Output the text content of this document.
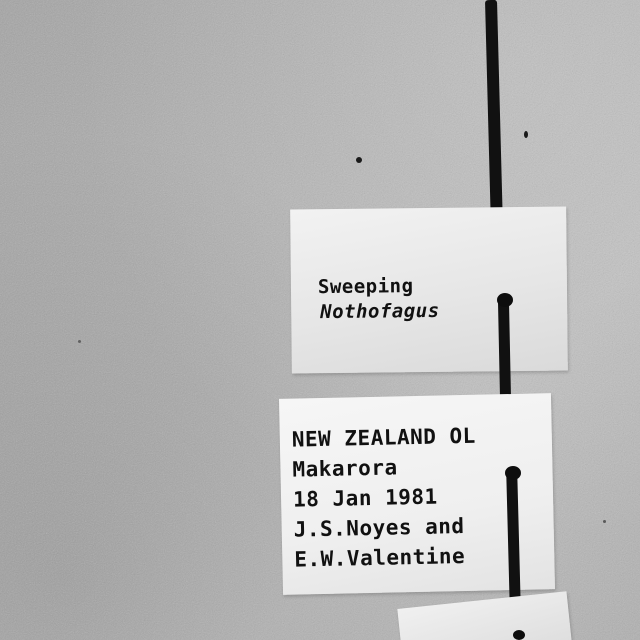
Sweeping
Nothofagus
NEW ZEALAND OL
Makarora
18 Jan 1981
J.S.Noyes and
E.W.Valentine
